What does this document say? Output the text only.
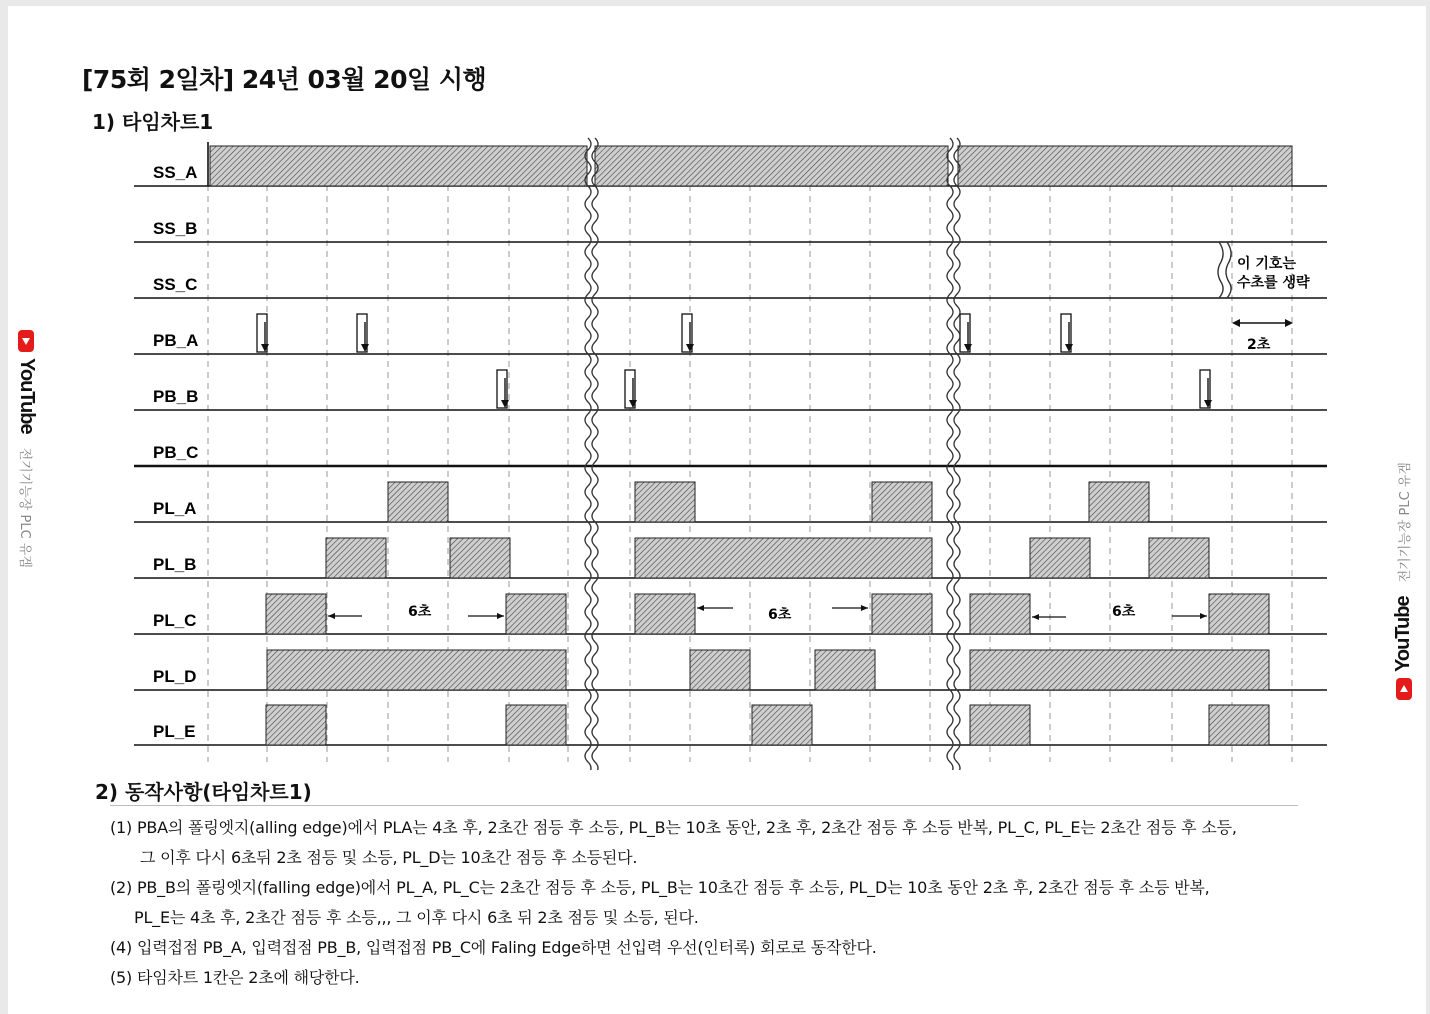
[75회 2일차] 24년 03월 20일 시행
1) 타임차트1
SS_A
SS_B
SS_C
PB_A
PB_B
PB_C
PL_A
PL_B
PL_C
PL_D
PL_E
이 기호는
수초를 생략
2초
6초	6초	6초
2) 동작사항(타임차트1)

(1) PBA의 폴링엣지(alling edge)에서 PLA는 4초 후, 2초간 점등 후 소등, PL_B는 10초 동안, 2초 후, 2초간 점등 후 소등 반복, PL_C, PL_E는 2초간 점등 후 소등,

그 이후 다시 6초뒤 2초 점등 및 소등, PL_D는 10초간 점등 후 소등된다.

(2) PB_B의 폴링엣지(falling edge)에서 PL_A, PL_C는 2초간 점등 후 소등, PL_B는 10초간 점등 후 소등, PL_D는 10초 동안 2초 후, 2초간 점등 후 소등 반복,

PL_E는 4초 후, 2초간 점등 후 소등,,, 그 이후 다시 6초 뒤 2초 점등 및 소등, 된다.

(4) 입력접점 PB_A, 입력접점 PB_B, 입력접점 PB_C에 Faling Edge하면 선입력 우선(인터록) 회로로 동작한다.

(5) 타임차트 1칸은 2초에 해당한다.

YouTube
전기기능장 PLC 유겜
YouTube
전기기능장 PLC 유겜
